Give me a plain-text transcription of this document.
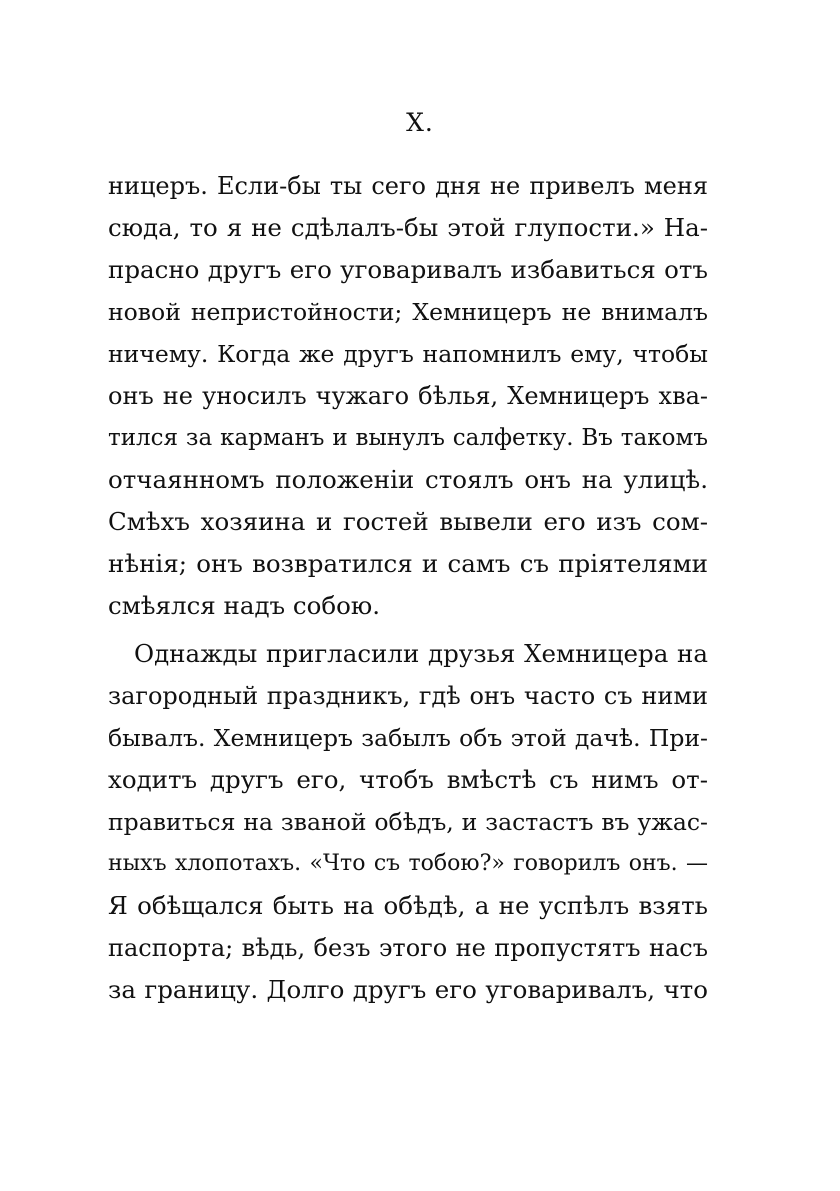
X.
ницеръ. Если-бы ты сего дня не привелъ меня
сюда, то я не сдѣлалъ-бы этой глупости.» На-
прасно другъ его уговаривалъ избавиться отъ
новой непристойности; Хемницеръ не внималъ
ничему. Когда же другъ напомнилъ ему, чтобы
онъ не уносилъ чужаго бѣлья, Хемницеръ хва-
тился за карманъ и вынулъ салфетку. Въ такомъ
отчаянномъ положенiи стоялъ онъ на улицѣ.
Смѣхъ хозяина и гостей вывели его изъ сом-
нѣнiя; онъ возвратился и самъ съ прiятелями
смѣялся надъ собою.
Однажды пригласили друзья Хемницера на
загородный праздникъ, гдѣ онъ часто съ ними
бывалъ. Хемницеръ забылъ объ этой дачѣ. При-
ходитъ другъ его, чтобъ вмѣстѣ съ нимъ от-
правиться на званой обѣдъ, и застастъ въ ужас-
ныхъ хлопотахъ. «Что съ тобою?» говорилъ онъ. —
Я обѣщался быть на обѣдѣ, а не успѣлъ взять
паспорта; вѣдь, безъ этого не пропустятъ насъ
за границу. Долго другъ его уговаривалъ, что
